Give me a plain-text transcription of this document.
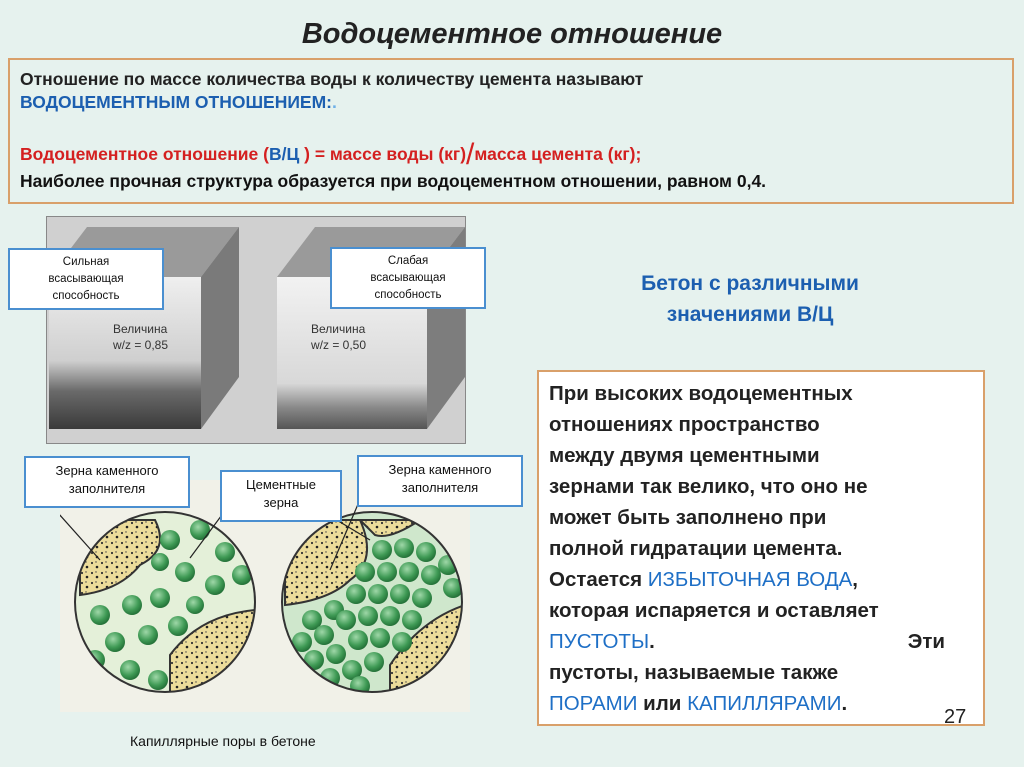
Водоцементное отношение
Отношение по массе количества воды к количеству цемента называют
ВОДОЦЕМЕНТНЫМ ОТНОШЕНИЕМ:.
Водоцементное отношение (В/Ц ) = массе воды (кг)/масса цемента (кг);
Наиболее прочная структура образуется при водоцементном отношении, равном 0,4.
Величина
w/z = 0,85
Величина
w/z = 0,50
Сильная
всасывающая
способность
Слабая
всасывающая
способность
Зерна каменного
заполнителя	Цементные
зерна
Зерна каменного
заполнителя
Капиллярные поры в бетоне
Бетон с различными
значениями В/Ц
При высоких водоцементных
отношениях пространство
между двумя цементными
зернами так велико, что оно не
может быть заполнено при
полной гидратации цемента.
Остается ИЗБЫТОЧНАЯ ВОДА,
которая испаряется и оставляет
ПУСТОТЫ.	Эти
пустоты, называемые также
ПОРАМИ или КАПИЛЛЯРАМИ.
27
